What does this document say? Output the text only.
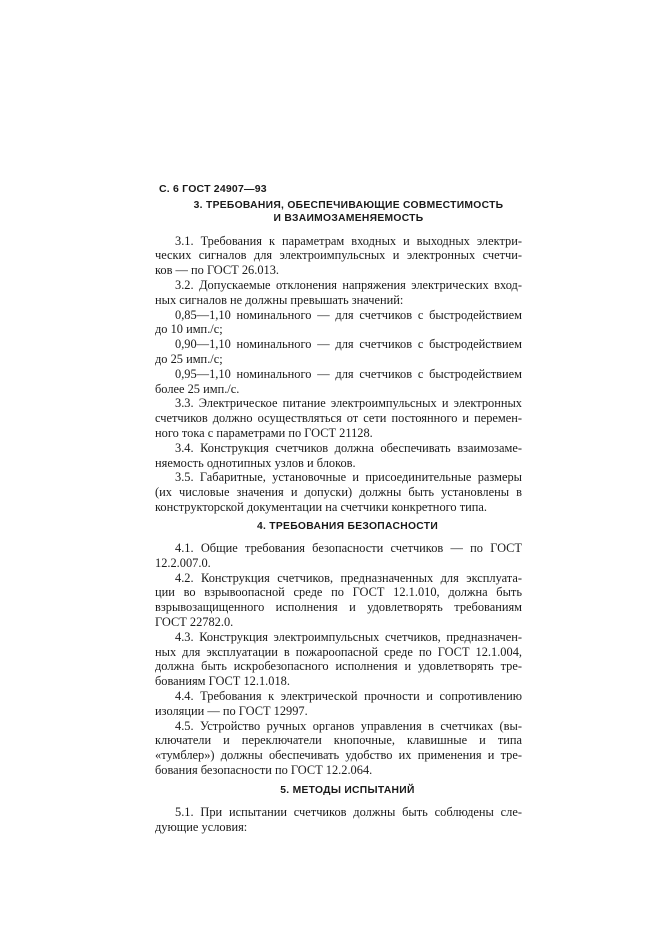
С. 6 ГОСТ 24907—93
3. ТРЕБОВАНИЯ, ОБЕСПЕЧИВАЮЩИЕ СОВМЕСТИМОСТЬ
И ВЗАИМОЗАМЕНЯЕМОСТЬ
3.1. Требования к параметрам входных и выходных электри-
ческих сигналов для электроимпульсных и электронных счетчи-
ков — по ГОСТ 26.013.
3.2. Допускаемые отклонения напряжения электрических вход-
ных сигналов не должны превышать значений:
0,85—1,10 номинального — для счетчиков с быстродействием
до 10 имп./с;
0,90—1,10 номинального — для счетчиков с быстродействием
до 25 имп./с;
0,95—1,10 номинального — для счетчиков с быстродействием
более 25 имп./с.
3.3. Электрическое питание электроимпульсных и электронных
счетчиков должно осуществляться от сети постоянного и перемен-
ного тока с параметрами по ГОСТ 21128.
3.4. Конструкция счетчиков должна обеспечивать взаимозаме-
няемость однотипных узлов и блоков.
3.5. Габаритные, установочные и присоединительные размеры
(их числовые значения и допуски) должны быть установлены в
конструкторской документации на счетчики конкретного типа.
4. ТРЕБОВАНИЯ БЕЗОПАСНОСТИ
4.1. Общие требования безопасности счетчиков — по ГОСТ
12.2.007.0.
4.2. Конструкция счетчиков, предназначенных для эксплуата-
ции во взрывоопасной среде по ГОСТ 12.1.010, должна быть
взрывозащищенного исполнения и удовлетворять требованиям
ГОСТ 22782.0.
4.3. Конструкция электроимпульсных счетчиков, предназначен-
ных для эксплуатации в пожароопасной среде по ГОСТ 12.1.004,
должна быть искробезопасного исполнения и удовлетворять тре-
бованиям ГОСТ 12.1.018.
4.4. Требования к электрической прочности и сопротивлению
изоляции — по ГОСТ 12997.
4.5. Устройство ручных органов управления в счетчиках (вы-
ключатели и переключатели кнопочные, клавишные и типа
«тумблер») должны обеспечивать удобство их применения и тре-
бования безопасности по ГОСТ 12.2.064.
5. МЕТОДЫ ИСПЫТАНИЙ
5.1. При испытании счетчиков должны быть соблюдены сле-
дующие условия:
